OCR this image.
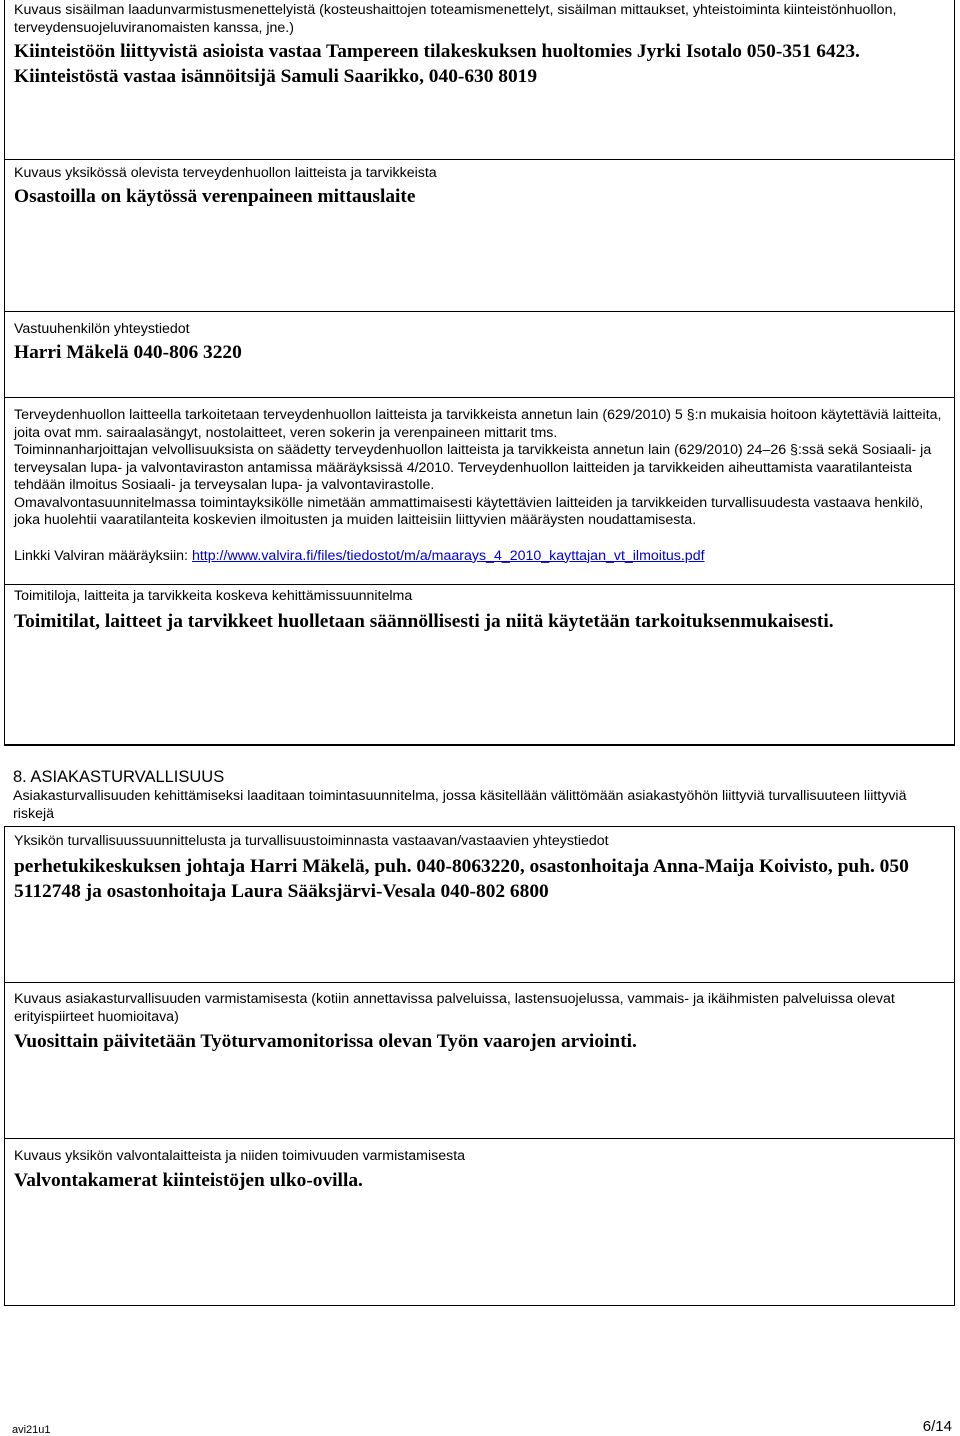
Kuvaus sisäilman laadunvarmistusmenettelyistä (kosteushaittojen toteamismenettelyt, sisäilman mittaukset, yhteistoiminta kiinteistönhuollon, terveydensuojeluviranomaisten kanssa, jne.)

Kiinteistöön liittyvistä asioista vastaa Tampereen tilakeskuksen huoltomies Jyrki Isotalo 050-351 6423. Kiinteistöstä vastaa isännöitsijä Samuli Saarikko, 040-630 8019

Kuvaus yksikössä olevista terveydenhuollon laitteista ja tarvikkeista

Osastoilla on käytössä verenpaineen mittauslaite

Vastuuhenkilön yhteystiedot

Harri Mäkelä 040-806 3220

Terveydenhuollon laitteella tarkoitetaan terveydenhuollon laitteista ja tarvikkeista annetun lain (629/2010) 5 §:n mukaisia hoitoon käytettäviä laitteita, joita ovat mm. sairaalasängyt, nostolaitteet, veren sokerin ja verenpaineen mittarit tms.

Toiminnanharjoittajan velvollisuuksista on säädetty terveydenhuollon laitteista ja tarvikkeista annetun lain (629/2010) 24–26 §:ssä sekä Sosiaali- ja terveysalan lupa- ja valvontaviraston antamissa määräyksissä 4/2010. Terveydenhuollon laitteiden ja tarvikkeiden aiheuttamista vaaratilanteista tehdään ilmoitus Sosiaali- ja terveysalan lupa- ja valvontavirastolle.

Omavalvontasuunnitelmassa toimintayksikölle nimetään ammattimaisesti käytettävien laitteiden ja tarvikkeiden turvallisuudesta vastaava henkilö, joka huolehtii vaaratilanteita koskevien ilmoitusten ja muiden laitteisiin liittyvien määräysten noudattamisesta.

Linkki Valviran määräyksiin: http://www.valvira.fi/files/tiedostot/m/a/maarays_4_2010_kayttajan_vt_ilmoitus.pdf

Toimitiloja, laitteita ja tarvikkeita koskeva kehittämissuunnitelma

Toimitilat, laitteet ja tarvikkeet huolletaan säännöllisesti ja niitä käytetään tarkoituksenmukaisesti.

8. ASIAKASTURVALLISUUS

Asiakasturvallisuuden kehittämiseksi laaditaan toimintasuunnitelma, jossa käsitellään välittömään asiakastyöhön liittyviä turvallisuuteen liittyviä riskejä

Yksikön turvallisuussuunnittelusta ja turvallisuustoiminnasta vastaavan/vastaavien yhteystiedot

perhetukikeskuksen johtaja Harri Mäkelä, puh. 040-8063220, osastonhoitaja Anna-Maija Koivisto, puh. 050 5112748 ja osastonhoitaja Laura Sääksjärvi-Vesala 040-802 6800

Kuvaus asiakasturvallisuuden varmistamisesta (kotiin annettavissa palveluissa, lastensuojelussa, vammais- ja ikäihmisten palveluissa olevat erityispiirteet huomioitava)

Vuosittain päivitetään Työturvamonitorissa olevan Työn vaarojen arviointi.

Kuvaus yksikön valvontalaitteista ja niiden toimivuuden varmistamisesta

Valvontakamerat kiinteistöjen ulko-ovilla.

avi21u1	6/14
